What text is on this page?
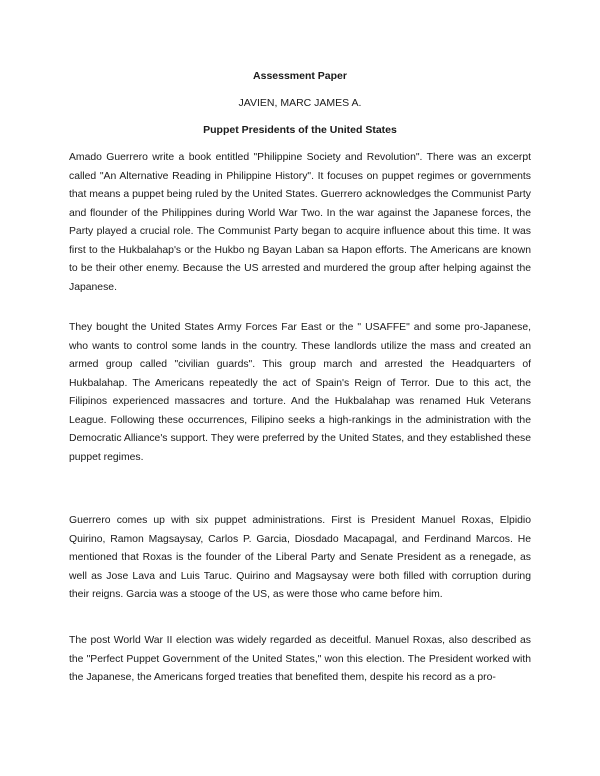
Assessment Paper
JAVIEN, MARC JAMES A.
Puppet Presidents of the United States

Amado Guerrero write a book entitled "Philippine Society and Revolution". There was an excerpt called "An Alternative Reading in Philippine History". It focuses on puppet regimes or governments that means a puppet being ruled by the United States. Guerrero acknowledges the Communist Party and flounder of the Philippines during World War Two. In the war against the Japanese forces, the Party played a crucial role. The Communist Party began to acquire influence about this time. It was first to the Hukbalahap's or the Hukbo ng Bayan Laban sa Hapon efforts. The Americans are known to be their other enemy. Because the US arrested and murdered the group after helping against the Japanese.

They bought the United States Army Forces Far East or the " USAFFE" and some pro-Japanese, who wants to control some lands in the country. These landlords utilize the mass and created an armed group called "civilian guards". This group march and arrested the Headquarters of Hukbalahap. The Americans repeatedly the act of Spain's Reign of Terror. Due to this act, the Filipinos experienced massacres and torture. And the Hukbalahap was renamed Huk Veterans League. Following these occurrences, Filipino seeks a high-rankings in the administration with the Democratic Alliance's support. They were preferred by the United States, and they established these puppet regimes.

Guerrero comes up with six puppet administrations. First is President Manuel Roxas, Elpidio Quirino, Ramon Magsaysay, Carlos P. Garcia, Diosdado Macapagal, and Ferdinand Marcos. He mentioned that Roxas is the founder of the Liberal Party and Senate President as a renegade, as well as Jose Lava and Luis Taruc. Quirino and Magsaysay were both filled with corruption during their reigns. Garcia was a stooge of the US, as were those who came before him.

The post World War II election was widely regarded as deceitful. Manuel Roxas, also described as the "Perfect Puppet Government of the United States," won this election. The President worked with the Japanese, the Americans forged treaties that benefited them, despite his record as a pro-
